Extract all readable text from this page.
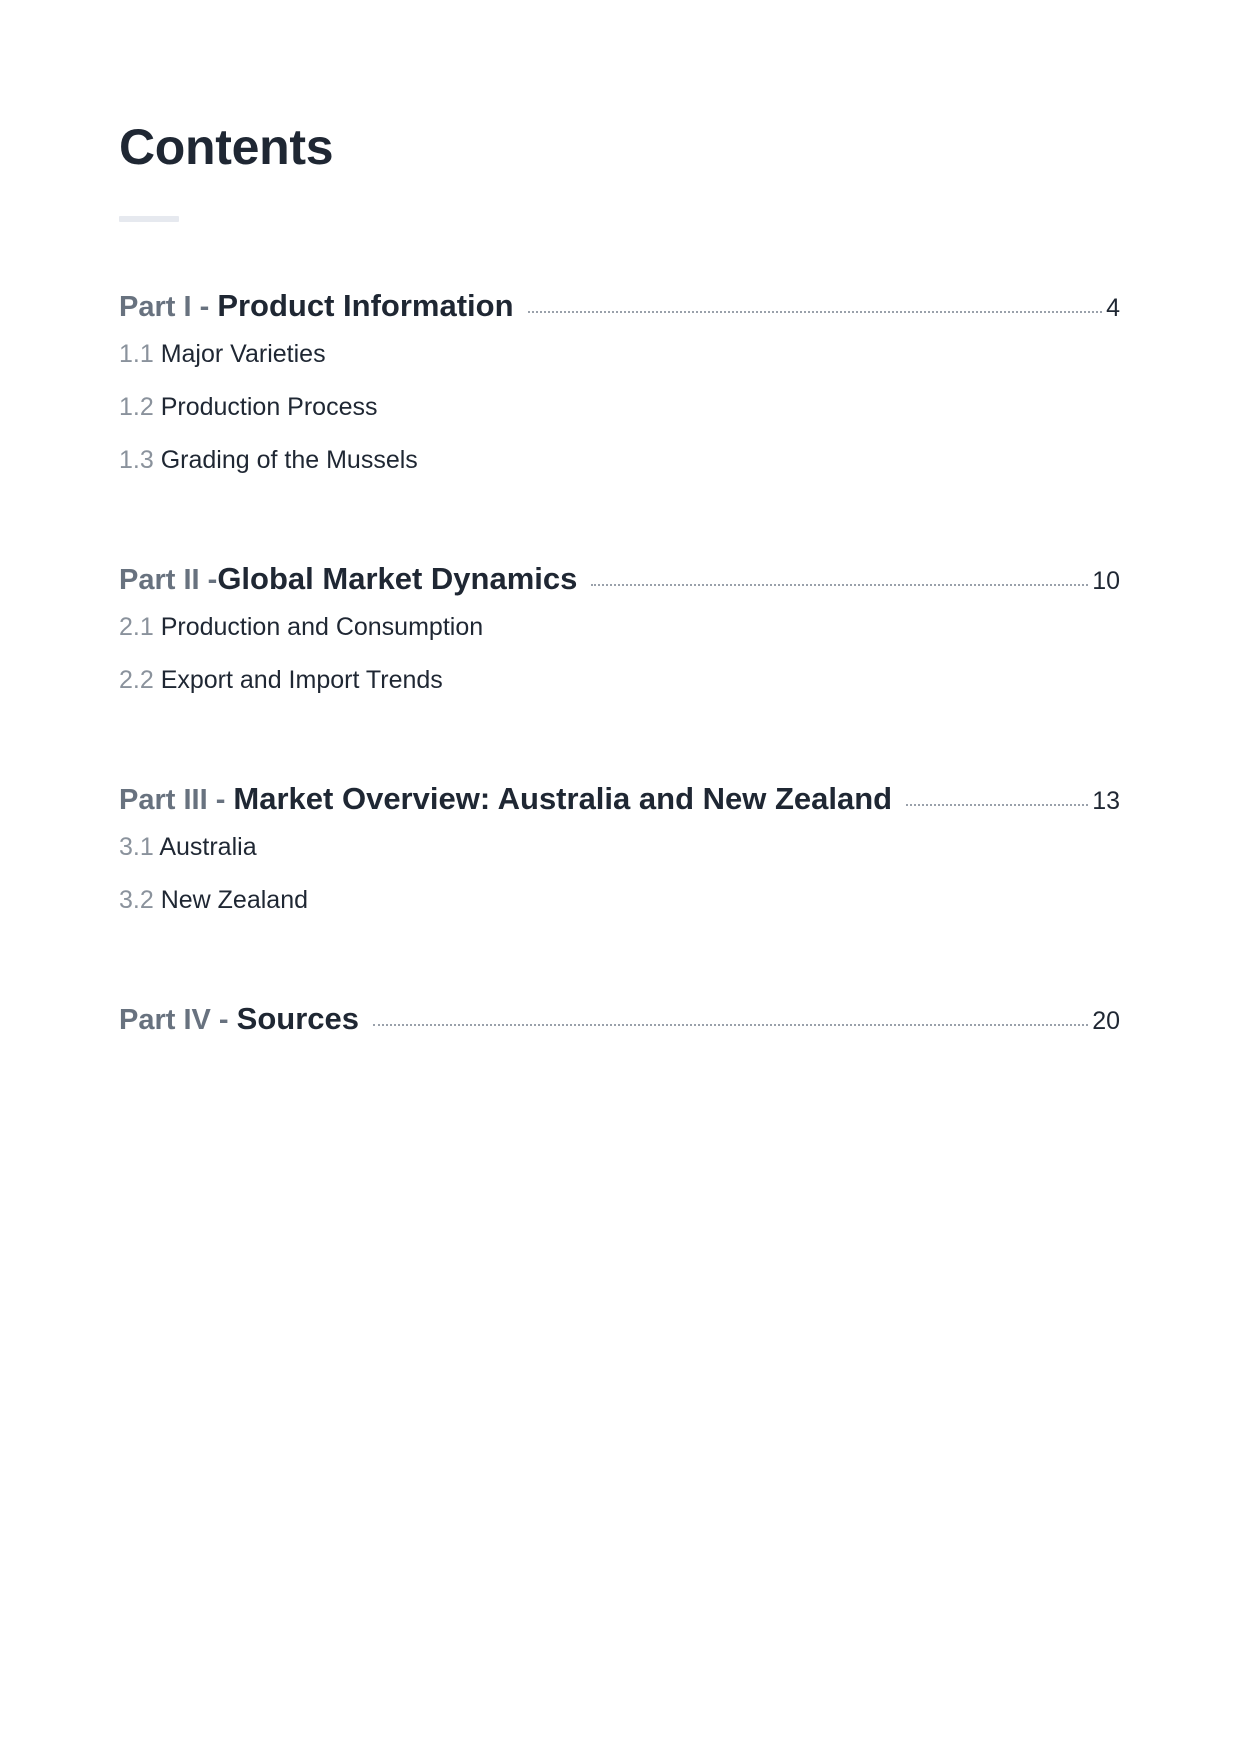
Contents
Part I - Product Information	4
1.1 Major Varieties
1.2 Production Process
1.3 Grading of the Mussels
Part II - Global Market Dynamics	10
2.1 Production and Consumption
2.2 Export and Import Trends
Part III - Market Overview: Australia and New Zealand	13
3.1 Australia
3.2 New Zealand
Part IV - Sources	20
